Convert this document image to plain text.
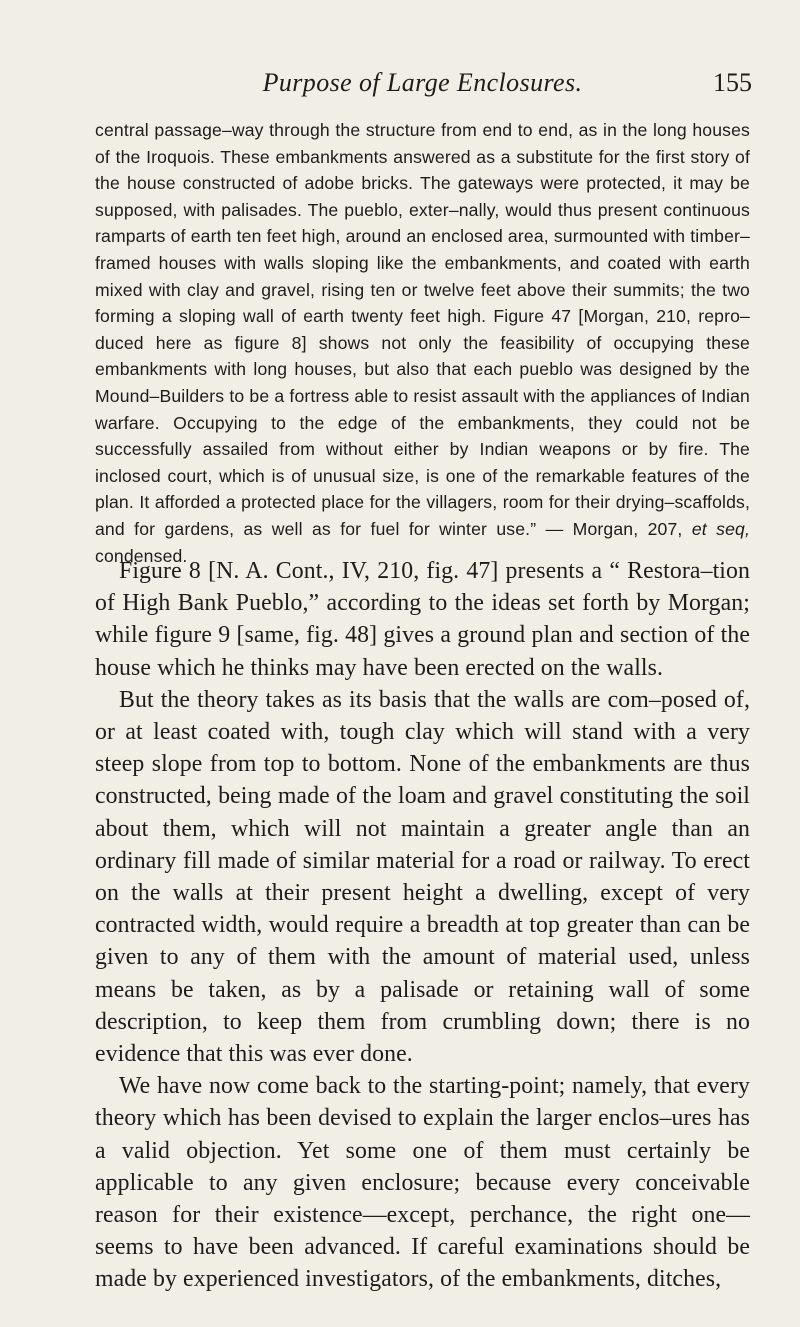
Purpose of Large Enclosures.	155

central passage–way through the structure from end to end, as in the long houses of the Iroquois. These embankments answered as a substitute for the first story of the house constructed of adobe bricks. The gateways were protected, it may be supposed, with palisades. The pueblo, exter–nally, would thus present continuous ramparts of earth ten feet high, around an enclosed area, surmounted with timber–framed houses with walls sloping like the embankments, and coated with earth mixed with clay and gravel, rising ten or twelve feet above their summits; the two forming a sloping wall of earth twenty feet high. Figure 47 [Morgan, 210, repro–duced here as figure 8] shows not only the feasibility of occupying these embankments with long houses, but also that each pueblo was designed by the Mound–Builders to be a fortress able to resist assault with the appliances of Indian warfare. Occupying to the edge of the embankments, they could not be successfully assailed from without either by Indian weapons or by fire. The inclosed court, which is of unusual size, is one of the remarkable features of the plan. It afforded a protected place for the villagers, room for their drying–scaffolds, and for gardens, as well as for fuel for winter use.” — Morgan, 207, et seq, condensed.

Figure 8 [N. A. Cont., IV, 210, fig. 47] presents a “ Restora–tion of High Bank Pueblo,” according to the ideas set forth by Morgan; while figure 9 [same, fig. 48] gives a ground plan and section of the house which he thinks may have been erected on the walls.

But the theory takes as its basis that the walls are com–posed of, or at least coated with, tough clay which will stand with a very steep slope from top to bottom. None of the embankments are thus constructed, being made of the loam and gravel constituting the soil about them, which will not maintain a greater angle than an ordinary fill made of similar material for a road or railway. To erect on the walls at their present height a dwelling, except of very contracted width, would require a breadth at top greater than can be given to any of them with the amount of material used, unless means be taken, as by a palisade or retaining wall of some description, to keep them from crumbling down; there is no evidence that this was ever done.

We have now come back to the starting-point; namely, that every theory which has been devised to explain the larger enclos–ures has a valid objection. Yet some one of them must certainly be applicable to any given enclosure; because every conceivable reason for their existence—except, perchance, the right one— seems to have been advanced. If careful examinations should be made by experienced investigators, of the embankments, ditches,
